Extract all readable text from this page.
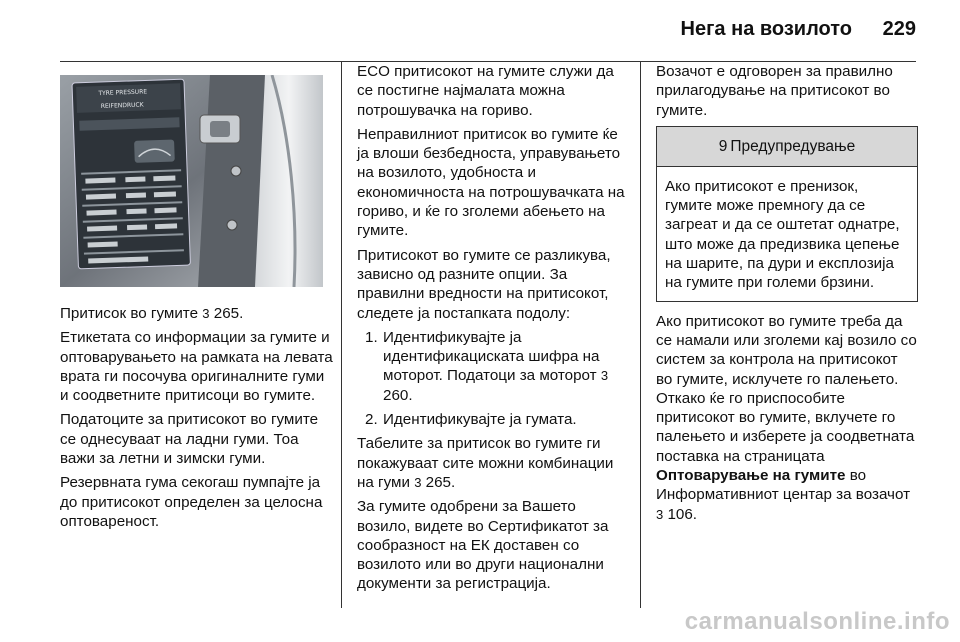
Нега на возилото 229
TYRE PRESSURE
REIFENDRUCK

Притисок во гумите 3 265.

Етикетата со информации за гумите и оптоварувањето на рамката на левата врата ги посочува оригиналните гуми и соодветните притисоци во гумите.

Податоците за притисокот во гумите се однесуваат на ладни гуми. Тоа важи за летни и зимски гуми.

Резервната гума секогаш пумпајте ја до притисокот определен за целосна оптовареност.

ECO притисокот на гумите служи да се постигне најмалата можна потрошувачка на гориво.

Неправилниот притисок во гумите ќе ја влоши безбедноста, управувањето на возилото, удобноста и економичноста на потрошувачката на гориво, и ќе го зголеми абењето на гумите.

Притисокот во гумите се разликува, зависно од разните опции. За правилни вредности на притисокот, следете ја постапката подолу:

1. Идентификувајте ја идентификациската шифра на моторот. Податоци за моторот 3 260.
2. Идентификувајте ја гумата.

Табелите за притисок во гумите ги покажуваат сите можни комбинации на гуми 3 265.

За гумите одобрени за Вашето возило, видете во Сертификатот за сообразност на ЕК доставен со возилото или во други национални документи за регистрација.

Возачот е одговорен за правилно прилагодување на притисокот во гумите.

9 Предупредување
Ако притисокот е пренизок, гумите може премногу да се загреат и да се оштетат однатре, што може да предизвика цепење на шарите, па дури и експлозија на гумите при големи брзини.

Ако притисокот во гумите треба да се намали или зголеми кај возило со систем за контрола на притисокот во гумите, исклучете го палењето. Откако ќе го приспособите притисокот во гумите, вклучете го палењето и изберете ја соодветната поставка на страницата Оптоварување на гумите во Информативниот центар за возачот 3 106.

carmanualsonline.info
